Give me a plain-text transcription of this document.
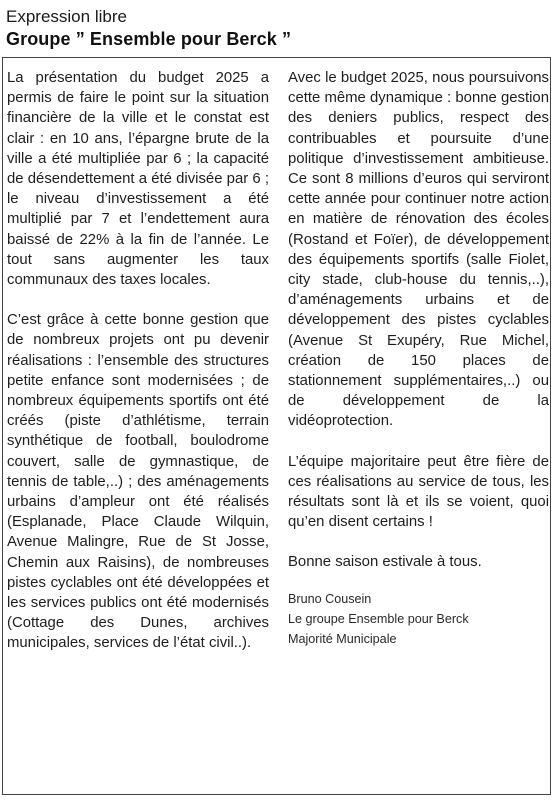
Expression libre
Groupe ” Ensemble pour Berck ”

La présentation du budget 2025 a permis de faire le point sur la situation financière de la ville et le constat est clair : en 10 ans, l’épargne brute de la ville a été multipliée par 6 ; la capacité de désendettement a été divisée par 6 ; le niveau d’investissement a été multiplié par 7 et l’endettement aura baissé de 22% à la fin de l’année. Le tout sans augmenter les taux communaux des taxes locales.

C’est grâce à cette bonne gestion que de nombreux projets ont pu devenir réalisations : l’ensemble des structures petite enfance sont modernisées ; de nombreux équipements sportifs ont été créés (piste d’athlétisme, terrain synthétique de football, boulodrome couvert, salle de gymnastique, de tennis de table,..) ; des aménagements urbains d’ampleur ont été réalisés (Esplanade, Place Claude Wilquin, Avenue Malingre, Rue de St Josse, Chemin aux Raisins), de nombreuses pistes cyclables ont été développées et les services publics ont été modernisés (Cottage des Dunes, archives municipales, services de l’état civil..).

Avec le budget 2025, nous poursuivons cette même dynamique : bonne gestion des deniers publics, respect des contribuables et poursuite d’une politique d’investissement ambitieuse. Ce sont 8 millions d’euros qui serviront cette année pour continuer notre action en matière de rénovation des écoles (Rostand et Foïer), de développement des équipements sportifs (salle Fiolet, city stade, club-house du tennis,..), d’aménagements urbains et de développement des pistes cyclables (Avenue St Exupéry, Rue Michel, création de 150 places de stationnement supplémentaires,..) ou de développement de la vidéoprotection.

L’équipe majoritaire peut être fière de ces réalisations au service de tous, les résultats sont là et ils se voient, quoi qu’en disent certains !

Bonne saison estivale à tous.

Bruno Cousein
Le groupe Ensemble pour Berck
Majorité Municipale
